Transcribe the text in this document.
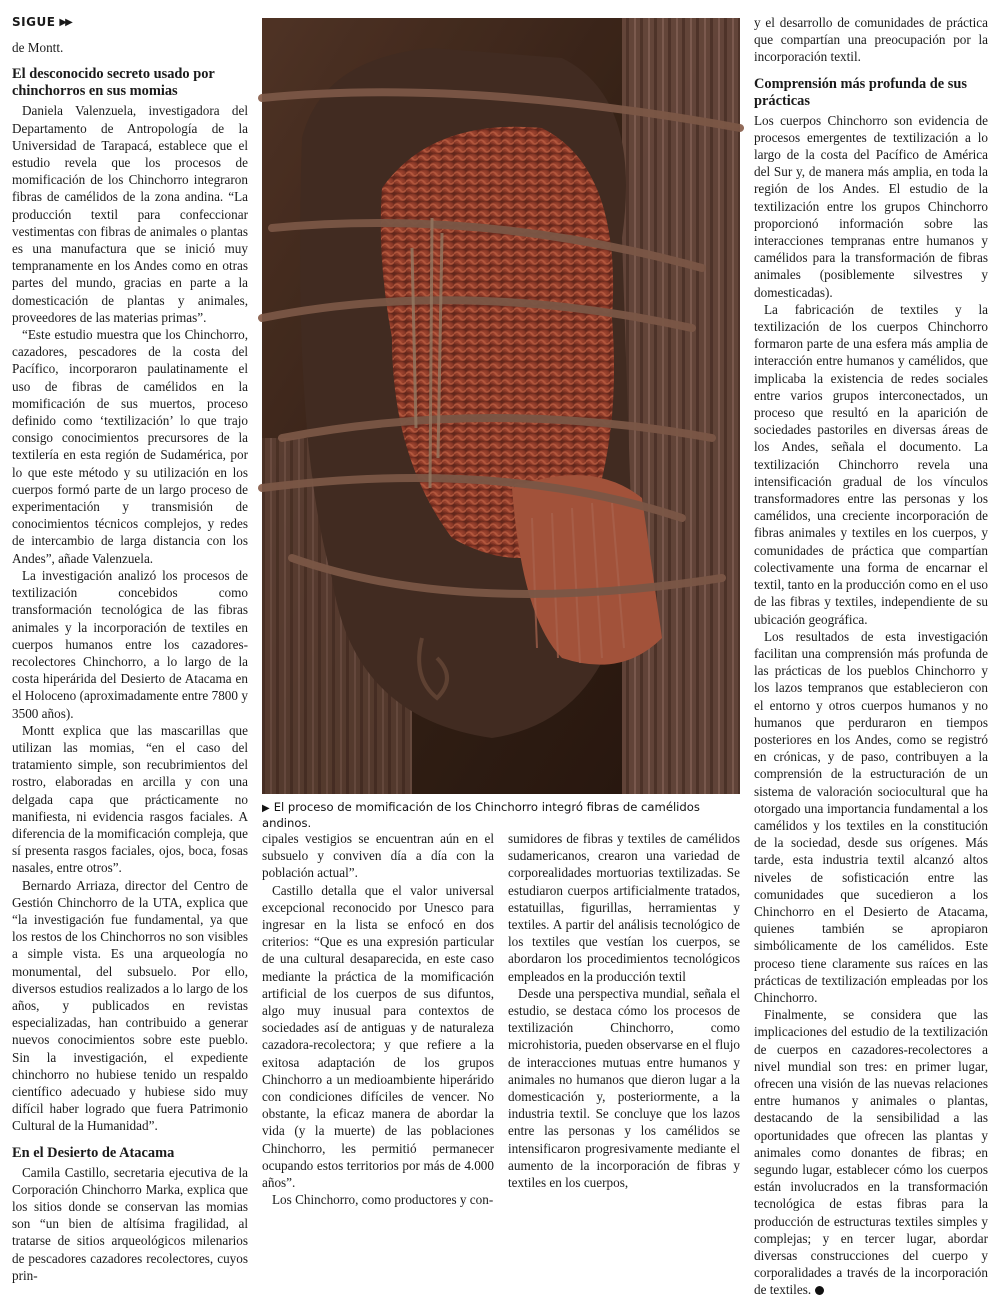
SIGUE ▶▶

de Montt.

El desconocido secreto usado por chinchorros en sus momias

Daniela Valenzuela, investigadora del Departamento de Antropología de la Universidad de Tarapacá, establece que el estudio revela que los procesos de momificación de los Chinchorro integraron fibras de camélidos de la zona andina. “La producción textil para confeccionar vestimentas con fibras de animales o plantas es una manufactura que se inició muy tempranamente en los Andes como en otras partes del mundo, gracias en parte a la domesticación de plantas y animales, proveedores de las materias primas”.

“Este estudio muestra que los Chinchorro, cazadores, pescadores de la costa del Pacífico, incorporaron paulatinamente el uso de fibras de camélidos en la momificación de sus muertos, proceso definido como ‘textilización’ lo que trajo consigo conocimientos precursores de la textilería en esta región de Sudamérica, por lo que este método y su utilización en los cuerpos formó parte de un largo proceso de experimentación y transmisión de conocimientos técnicos complejos, y redes de intercambio de larga distancia con los Andes”, añade Valenzuela.

La investigación analizó los procesos de textilización concebidos como transformación tecnológica de las fibras animales y la incorporación de textiles en cuerpos humanos entre los cazadores-recolectores Chinchorro, a lo largo de la costa hiperárida del Desierto de Atacama en el Holoceno (aproximadamente entre 7800 y 3500 años).

Montt explica que las mascarillas que utilizan las momias, “en el caso del tratamiento simple, son recubrimientos del rostro, elaboradas en arcilla y con una delgada capa que prácticamente no manifiesta, ni evidencia rasgos faciales. A diferencia de la momificación compleja, que sí presenta rasgos faciales, ojos, boca, fosas nasales, entre otros”.

Bernardo Arriaza, director del Centro de Gestión Chinchorro de la UTA, explica que “la investigación fue fundamental, ya que los restos de los Chinchorros no son visibles a simple vista. Es una arqueología no monumental, del subsuelo. Por ello, diversos estudios realizados a lo largo de los años, y publicados en revistas especializadas, han contribuido a generar nuevos conocimientos sobre este pueblo. Sin la investigación, el expediente chinchorro no hubiese tenido un respaldo científico adecuado y hubiese sido muy difícil haber logrado que fuera Patrimonio Cultural de la Humanidad”.

En el Desierto de Atacama

Camila Castillo, secretaria ejecutiva de la Corporación Chinchorro Marka, explica que los sitios donde se conservan las momias son “un bien de altísima fragilidad, al tratarse de sitios arqueológicos milenarios de pescadores cazadores recolectores, cuyos prin-

▶ El proceso de momificación de los Chinchorro integró fibras de camélidos andinos.

cipales vestigios se encuentran aún en el subsuelo y conviven día a día con la población actual”.

Castillo detalla que el valor universal excepcional reconocido por Unesco para ingresar en la lista se enfocó en dos criterios: “Que es una expresión particular de una cultural desaparecida, en este caso mediante la práctica de la momificación artificial de los cuerpos de sus difuntos, algo muy inusual para contextos de sociedades así de antiguas y de naturaleza cazadora-recolectora; y que refiere a la exitosa adaptación de los grupos Chinchorro a un medioambiente hiperárido con condiciones difíciles de vencer. No obstante, la eficaz manera de abordar la vida (y la muerte) de las poblaciones Chinchorro, les permitió permanecer ocupando estos territorios por más de 4.000 años”.

Los Chinchorro, como productores y con-

sumidores de fibras y textiles de camélidos sudamericanos, crearon una variedad de corporealidades mortuorias textilizadas. Se estudiaron cuerpos artificialmente tratados, estatuillas, figurillas, herramientas y textiles. A partir del análisis tecnológico de los textiles que vestían los cuerpos, se abordaron los procedimientos tecnológicos empleados en la producción textil

Desde una perspectiva mundial, señala el estudio, se destaca cómo los procesos de textilización Chinchorro, como microhistoria, pueden observarse en el flujo de interacciones mutuas entre humanos y animales no humanos que dieron lugar a la domesticación y, posteriormente, a la industria textil. Se concluye que los lazos entre las personas y los camélidos se intensificaron progresivamente mediante el aumento de la incorporación de fibras y textiles en los cuerpos,

y el desarrollo de comunidades de práctica que compartían una preocupación por la incorporación textil.

Comprensión más profunda de sus prácticas

Los cuerpos Chinchorro son evidencia de procesos emergentes de textilización a lo largo de la costa del Pacífico de América del Sur y, de manera más amplia, en toda la región de los Andes. El estudio de la textilización entre los grupos Chinchorro proporcionó información sobre las interacciones tempranas entre humanos y camélidos para la transformación de fibras animales (posiblemente silvestres y domesticadas).

La fabricación de textiles y la textilización de los cuerpos Chinchorro formaron parte de una esfera más amplia de interacción entre humanos y camélidos, que implicaba la existencia de redes sociales entre varios grupos interconectados, un proceso que resultó en la aparición de sociedades pastoriles en diversas áreas de los Andes, señala el documento. La textilización Chinchorro revela una intensificación gradual de los vínculos transformadores entre las personas y los camélidos, una creciente incorporación de fibras animales y textiles en los cuerpos, y comunidades de práctica que compartían colectivamente una forma de encarnar el textil, tanto en la producción como en el uso de las fibras y textiles, independiente de su ubicación geográfica.

Los resultados de esta investigación facilitan una comprensión más profunda de las prácticas de los pueblos Chinchorro y los lazos tempranos que establecieron con el entorno y otros cuerpos humanos y no humanos que perduraron en tiempos posteriores en los Andes, como se registró en crónicas, y de paso, contribuyen a la comprensión de la estructuración de un sistema de valoración sociocultural que ha otorgado una importancia fundamental a los camélidos y los textiles en la constitución de la sociedad, desde sus orígenes. Más tarde, esta industria textil alcanzó altos niveles de sofisticación entre las comunidades que sucedieron a los Chinchorro en el Desierto de Atacama, quienes también se apropiaron simbólicamente de los camélidos. Este proceso tiene claramente sus raíces en las prácticas de textilización empleadas por los Chinchorro.

Finalmente, se considera que las implicaciones del estudio de la textilización de cuerpos en cazadores-recolectores a nivel mundial son tres: en primer lugar, ofrecen una visión de las nuevas relaciones entre humanos y animales o plantas, destacando de la sensibilidad a las oportunidades que ofrecen las plantas y animales como donantes de fibras; en segundo lugar, establecer cómo los cuerpos están involucrados en la transformación tecnológica de estas fibras para la producción de estructuras textiles simples y complejas; y en tercer lugar, abordar diversas construcciones del cuerpo y corporalidades a través de la incorporación de textiles.
